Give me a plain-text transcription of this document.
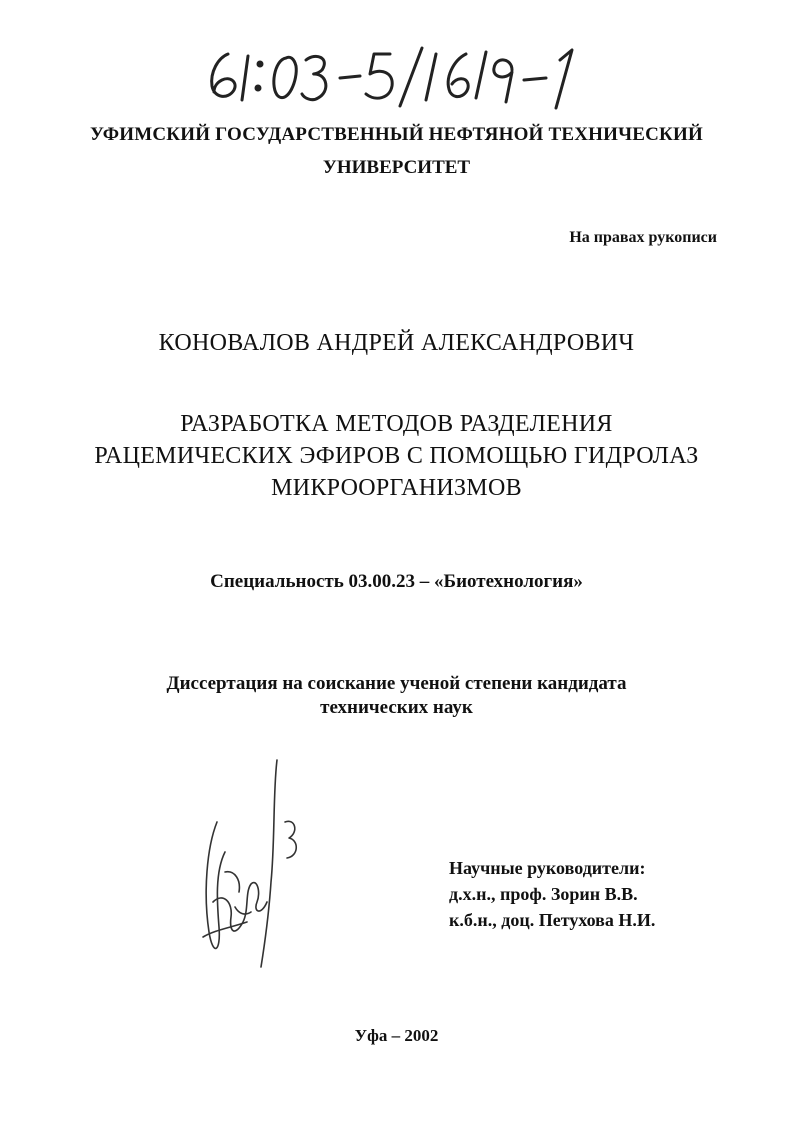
УФИМСКИЙ ГОСУДАРСТВЕННЫЙ НЕФТЯНОЙ ТЕХНИЧЕСКИЙ
УНИВЕРСИТЕТ
На правах рукописи
КОНОВАЛОВ АНДРЕЙ АЛЕКСАНДРОВИЧ
РАЗРАБОТКА МЕТОДОВ РАЗДЕЛЕНИЯ
РАЦЕМИЧЕСКИХ ЭФИРОВ С ПОМОЩЬЮ ГИДРОЛАЗ
МИКРООРГАНИЗМОВ
Специальность 03.00.23 – «Биотехнология»
Диссертация на соискание ученой степени кандидата
технических наук
Научные руководители:
д.х.н., проф. Зорин В.В.
к.б.н., доц. Петухова Н.И.
Уфа – 2002
